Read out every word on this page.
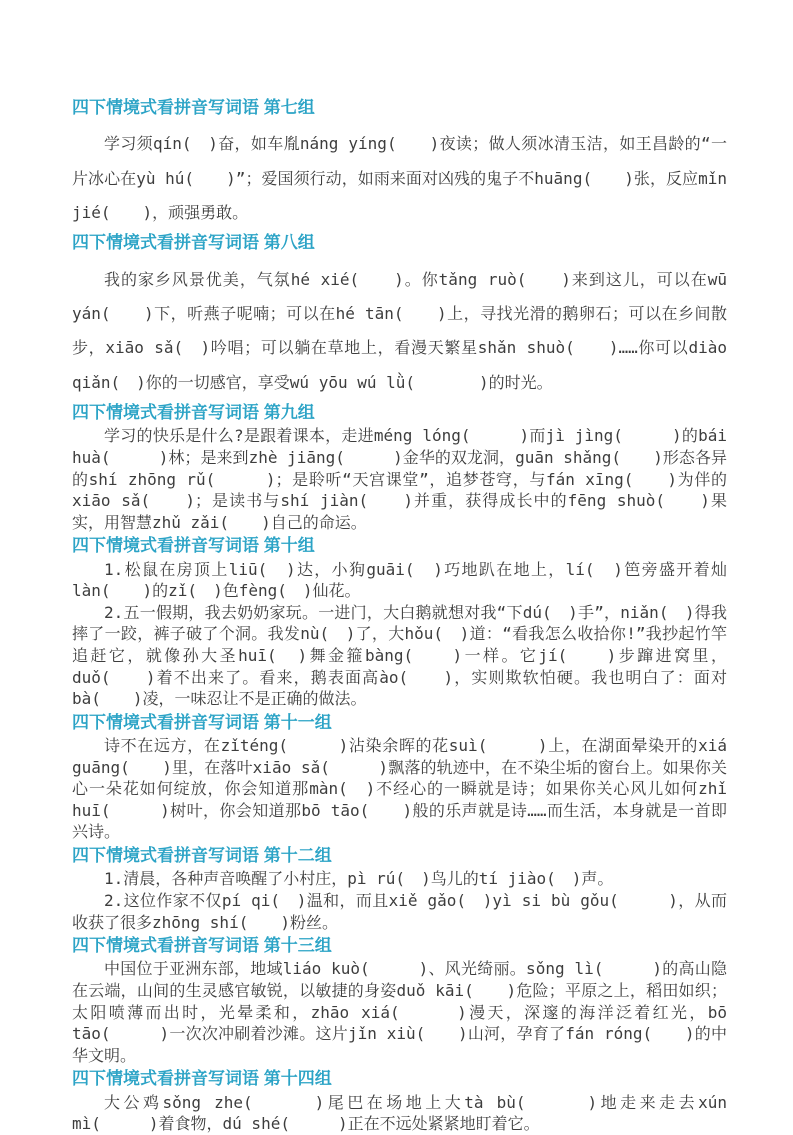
四下情境式看拼音写词语 第七组

学习须qín(　)奋，如车胤náng yíng(　　)夜读；做人须冰清玉洁，如王昌龄的“一片冰心在yù hú(　　)”；爱国须行动，如雨来面对凶残的鬼子不huāng(　　)张，反应mǐn jié(　　)，顽强勇敢。

四下情境式看拼音写词语 第八组

我的家乡风景优美，气氛hé xié(　　)。你tǎng ruò(　　)来到这儿，可以在wū yán(　　)下，听燕子呢喃；可以在hé tān(　　)上，寻找光滑的鹅卵石；可以在乡间散步，xiāo sǎ(　)吟唱；可以躺在草地上，看漫天繁星shǎn shuò(　　)……你可以diào qiǎn(　)你的一切感官，享受wú yōu wú lǜ(　　　　)的时光。

四下情境式看拼音写词语 第九组

学习的快乐是什么?是跟着课本，走进méng lóng(　　　)而jì jìng(　　　)的bái huà(　　　)林；是来到zhè jiāng(　　　)金华的双龙洞，guān shǎng(　　)形态各异的shí zhōng rǔ(　　　)；是聆听“天宫课堂”，追梦苍穹，与fán xīng(　　)为伴的xiāo sǎ(　　)；是读书与shí jiàn(　　)并重，获得成长中的fēng shuò(　　)果实，用智慧zhǔ zǎi(　　)自己的命运。

四下情境式看拼音写词语 第十组

1.松鼠在房顶上liū(　)达，小狗guāi(　)巧地趴在地上，lí(　)笆旁盛开着灿làn(　　)的zǐ(　)色fèng(　)仙花。

2.五一假期，我去奶奶家玩。一进门，大白鹅就想对我“下dú(　)手”，niǎn(　)得我摔了一跤，裤子破了个洞。我发nù(　)了，大hǒu(　)道：“看我怎么收拾你!”我抄起竹竿追赶它，就像孙大圣huī(　)舞金箍bàng(　　)一样。它jí(　　)步蹿进窝里，duǒ(　　)着不出来了。看来，鹅表面高ào(　　)，实则欺软怕硬。我也明白了：面对bà(　　)凌，一味忍让不是正确的做法。

四下情境式看拼音写词语 第十一组

诗不在远方，在zǐténg(　　　)沾染余晖的花suì(　　　)上，在湖面晕染开的xiá guāng(　　)里，在落叶xiāo sǎ(　　　)飘落的轨迹中，在不染尘垢的窗台上。如果你关心一朵花如何绽放，你会知道那màn(　)不经心的一瞬就是诗；如果你关心风儿如何zhǐ huī(　　　)树叶，你会知道那bō tāo(　　)般的乐声就是诗……而生活，本身就是一首即兴诗。

四下情境式看拼音写词语 第十二组

1.清晨，各种声音唤醒了小村庄，pì rú(　)鸟儿的tí jiào(　)声。

2.这位作家不仅pí qi(　)温和，而且xiě gǎo(　)yì si bù gǒu(　　　)，从而收获了很多zhōng shí(　　)粉丝。

四下情境式看拼音写词语 第十三组

中国位于亚洲东部，地域liáo kuò(　　　)、风光绮丽。sǒng lì(　　　)的高山隐在云端，山间的生灵感官敏锐，以敏捷的身姿duǒ kāi(　　)危险；平原之上，稻田如织；太阳喷薄而出时，光晕柔和，zhāo xiá(　　　)漫天，深邃的海洋泛着红光，bō tāo(　　　)一次次冲刷着沙滩。这片jǐn xiù(　　)山河，孕育了fán róng(　　)的中华文明。

四下情境式看拼音写词语 第十四组

大公鸡sǒng zhe(　　　)尾巴在场地上大tà bù(　　　)地走来走去xún mì(　　　)着食物，dú shé(　　　)正在不远处紧紧地盯着它。
